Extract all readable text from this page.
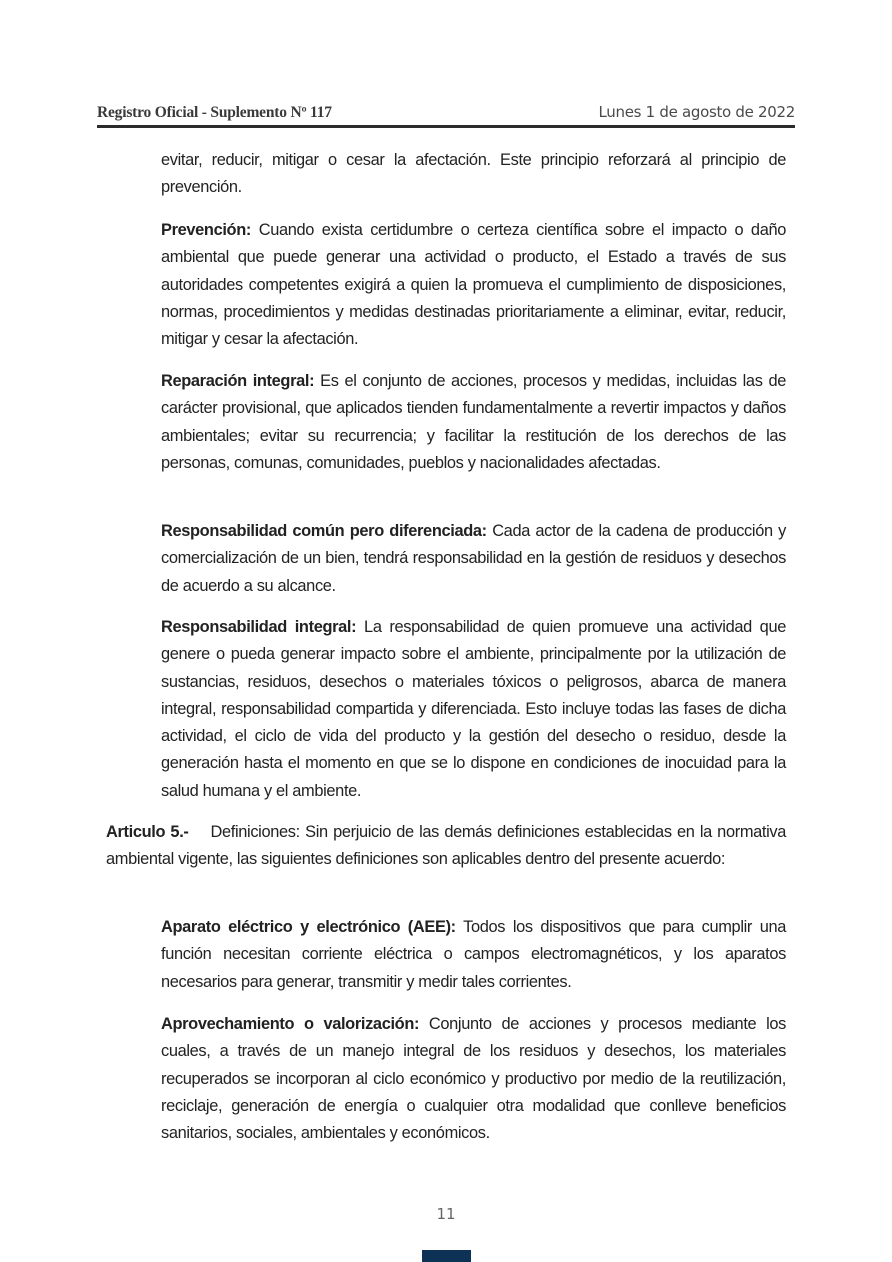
Registro Oficial - Suplemento Nº 117	Lunes 1 de agosto de 2022

evitar, reducir, mitigar o cesar la afectación. Este principio reforzará al principio de prevención.

Prevención: Cuando exista certidumbre o certeza científica sobre el impacto o daño ambiental que puede generar una actividad o producto, el Estado a través de sus autoridades competentes exigirá a quien la promueva el cumplimiento de disposiciones, normas, procedimientos y medidas destinadas prioritariamente a eliminar, evitar, reducir, mitigar y cesar la afectación.

Reparación integral: Es el conjunto de acciones, procesos y medidas, incluidas las de carácter provisional, que aplicados tienden fundamentalmente a revertir impactos y daños ambientales; evitar su recurrencia; y facilitar la restitución de los derechos de las personas, comunas, comunidades, pueblos y nacionalidades afectadas.

Responsabilidad común pero diferenciada: Cada actor de la cadena de producción y comercialización de un bien, tendrá responsabilidad en la gestión de residuos y desechos de acuerdo a su alcance.

Responsabilidad integral: La responsabilidad de quien promueve una actividad que genere o pueda generar impacto sobre el ambiente, principalmente por la utilización de sustancias, residuos, desechos o materiales tóxicos o peligrosos, abarca de manera integral, responsabilidad compartida y diferenciada. Esto incluye todas las fases de dicha actividad, el ciclo de vida del producto y la gestión del desecho o residuo, desde la generación hasta el momento en que se lo dispone en condiciones de inocuidad para la salud humana y el ambiente.

Articulo 5.- Definiciones: Sin perjuicio de las demás definiciones establecidas en la normativa ambiental vigente, las siguientes definiciones son aplicables dentro del presente acuerdo:

Aparato eléctrico y electrónico (AEE): Todos los dispositivos que para cumplir una función necesitan corriente eléctrica o campos electromagnéticos, y los aparatos necesarios para generar, transmitir y medir tales corrientes.

Aprovechamiento o valorización: Conjunto de acciones y procesos mediante los cuales, a través de un manejo integral de los residuos y desechos, los materiales recuperados se incorporan al ciclo económico y productivo por medio de la reutilización, reciclaje, generación de energía o cualquier otra modalidad que conlleve beneficios sanitarios, sociales, ambientales y económicos.

11
